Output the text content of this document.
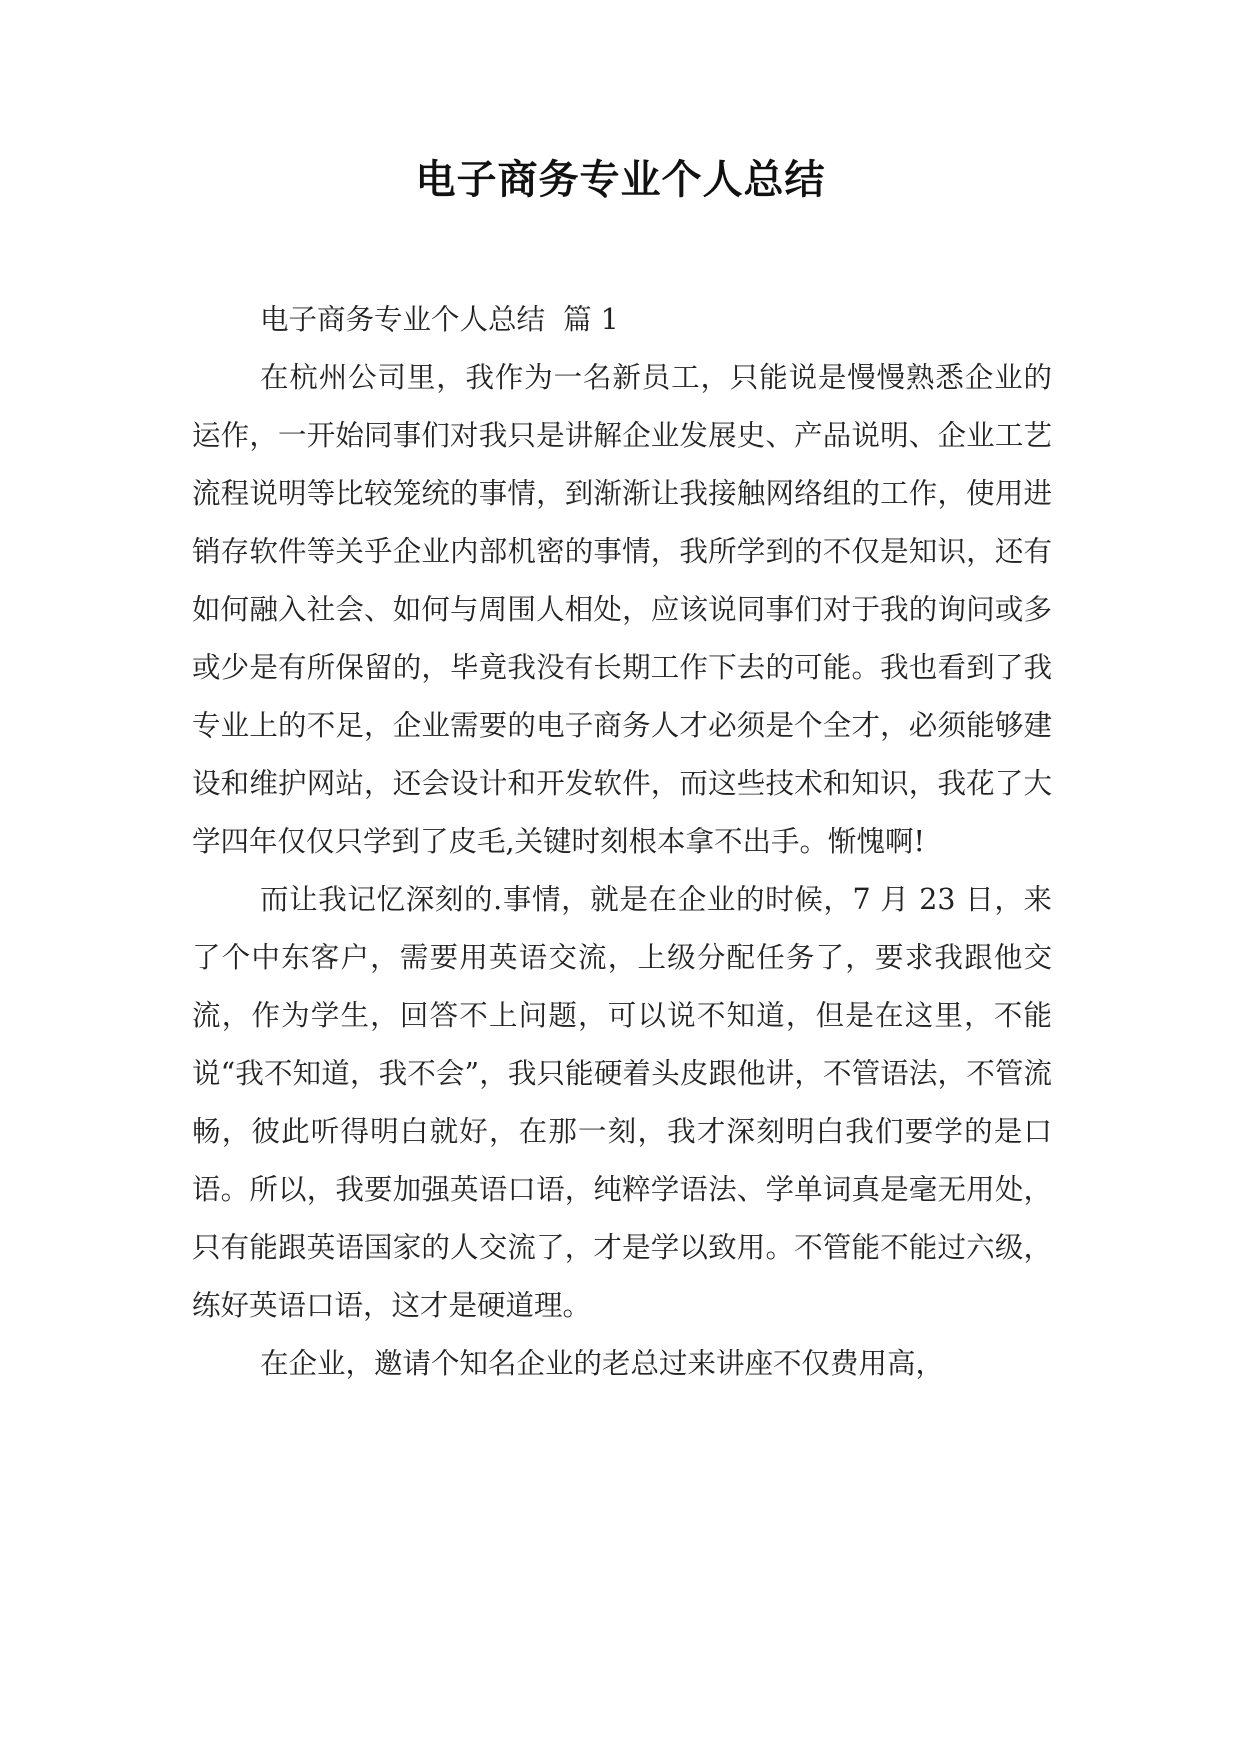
电子商务专业个人总结

电子商务专业个人总结  篇 1

在杭州公司里，我作为一名新员工，只能说是慢慢熟悉企业的运作，一开始同事们对我只是讲解企业发展史、产品说明、企业工艺流程说明等比较笼统的事情，到渐渐让我接触网络组的工作，使用进销存软件等关乎企业内部机密的事情，我所学到的不仅是知识，还有如何融入社会、如何与周围人相处，应该说同事们对于我的询问或多或少是有所保留的，毕竟我没有长期工作下去的可能。我也看到了我专业上的不足，企业需要的电子商务人才必须是个全才，必须能够建设和维护网站，还会设计和开发软件，而这些技术和知识，我花了大学四年仅仅只学到了皮毛,关键时刻根本拿不出手。惭愧啊!

而让我记忆深刻的.事情，就是在企业的时候，7 月 23 日，来了个中东客户，需要用英语交流，上级分配任务了，要求我跟他交流，作为学生，回答不上问题，可以说不知道，但是在这里，不能说“我不知道，我不会”，我只能硬着头皮跟他讲，不管语法，不管流畅，彼此听得明白就好，在那一刻，我才深刻明白我们要学的是口语。所以，我要加强英语口语，纯粹学语法、学单词真是毫无用处，只有能跟英语国家的人交流了，才是学以致用。不管能不能过六级，练好英语口语，这才是硬道理。

在企业，邀请个知名企业的老总过来讲座不仅费用高，
